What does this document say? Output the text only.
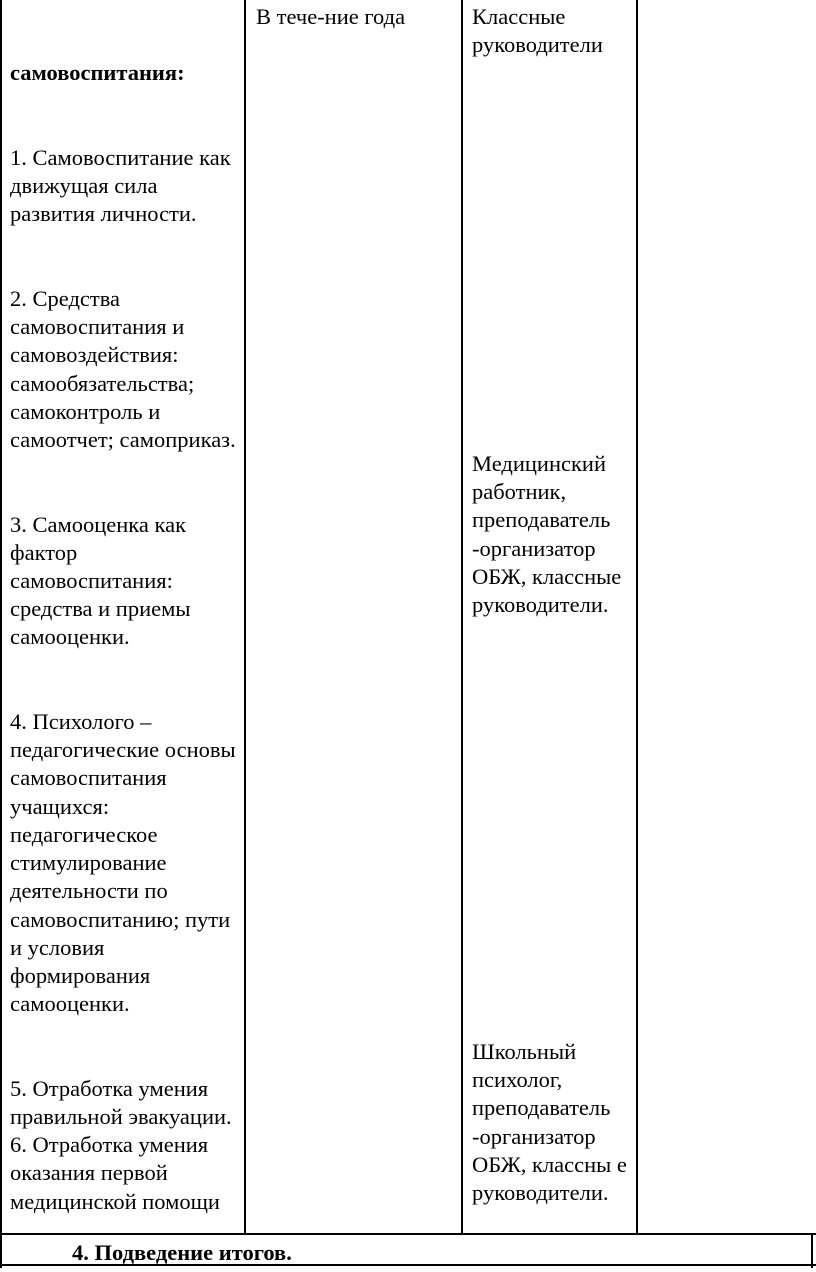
самовоспитания:

1. Самовоспитание как движущая сила развития личности.

2. Средства самовоспитания и самовоздействия: самообязательства; самоконтроль и самоотчет; самоприказ.

3. Самооценка как фактор самовоспитания: средства и приемы самооценки.

4. Психолого – педагогические основы самовоспитания учащихся: педагогическое стимулирование деятельности по самовоспитанию; пути и условия формирования самооценки.

5. Отработка умения правильной эвакуации.  6. Отработка умения оказания первой медицинской помощи

В тече-ние года	Классные руководители
Медицинский работник, преподаватель -организатор ОБЖ, классные руководители.
Школьный психолог, преподаватель -организатор ОБЖ, классны е руководители.
4. Подведение итогов.
